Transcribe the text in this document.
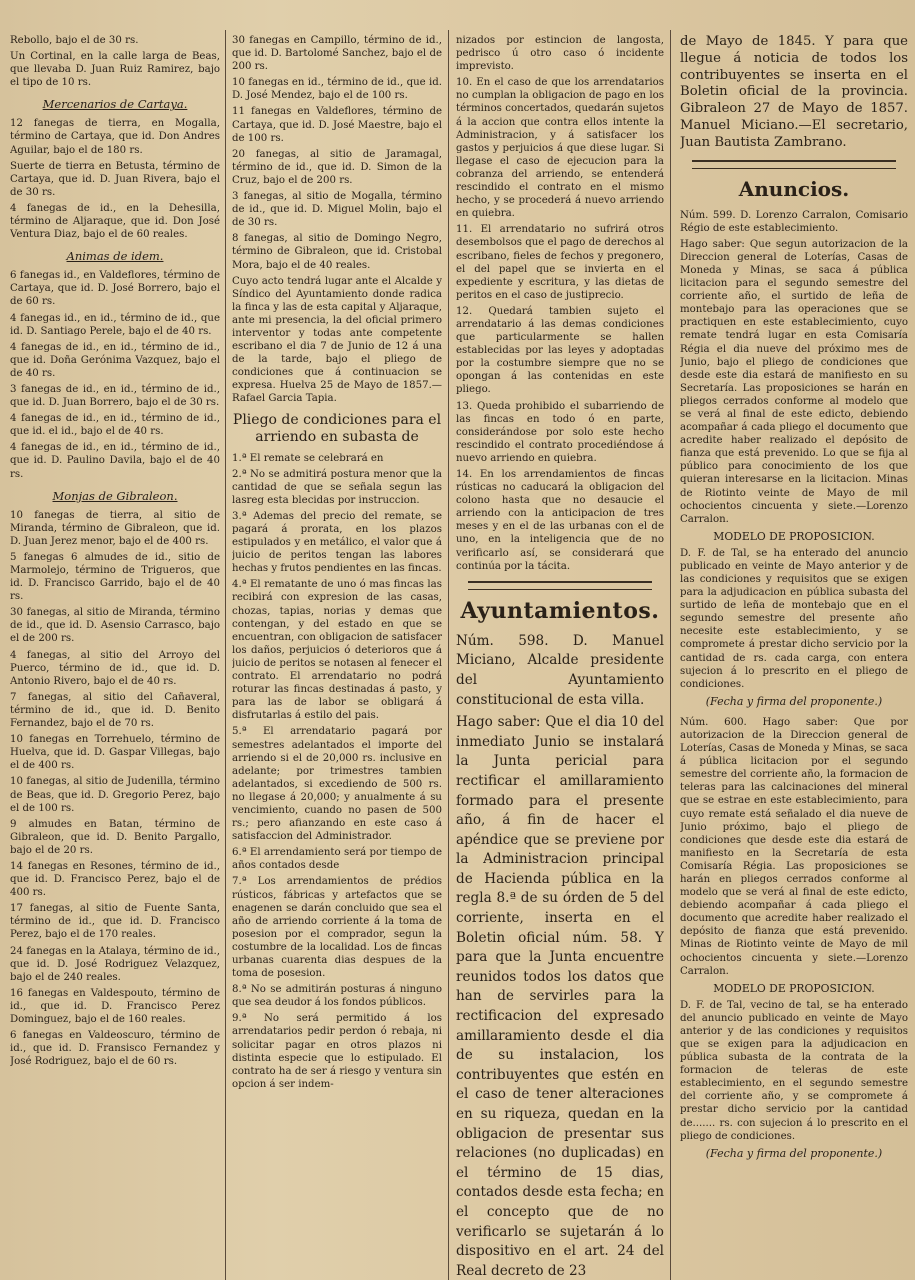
Rebollo, bajo el de 30 rs.

Un Cortinal, en la calle larga de Beas, que llevaba D. Juan Ruiz Ramirez, bajo el tipo de 10 rs.

Mercenarios de Cartaya.

12 fanegas de tierra, en Mogalla, término de Cartaya, que id. Don Andres Aguilar, bajo el de 180 rs.

Suerte de tierra en Betusta, término de Cartaya, que id. D. Juan Rivera, bajo el de 30 rs.

4 fanegas de id., en la Dehesilla, término de Aljaraque, que id. Don José Ventura Diaz, bajo el de 60 reales.

Animas de idem.

6 fanegas id., en Valdeflores, término de Cartaya, que id. D. José Borrero, bajo el de 60 rs.

4 fanegas id., en id., término de id., que id. D. Santiago Perele, bajo el de 40 rs.

4 fanegas de id., en id., término de id., que id. Doña Gerónima Vazquez, bajo el de 40 rs.

3 fanegas de id., en id., término de id., que id. D. Juan Borrero, bajo el de 30 rs.

4 fanegas de id., en id., término de id., que id. el id., bajo el de 40 rs.

4 fanegas de id., en id., término de id., que id. D. Paulino Davila, bajo el de 40 rs.

Monjas de Gibraleon.

10 fanegas de tierra, al sitio de Miranda, término de Gibraleon, que id. D. Juan Jerez menor, bajo el de 400 rs.

5 fanegas 6 almudes de id., sitio de Marmolejo, término de Trigueros, que id. D. Francisco Garrido, bajo el de 40 rs.

30 fanegas, al sitio de Miranda, término de id., que id. D. Asensio Carrasco, bajo el de 200 rs.

4 fanegas, al sitio del Arroyo del Puerco, término de id., que id. D. Antonio Rivero, bajo el de 40 rs.

7 fanegas, al sitio del Cañaveral, término de id., que id. D. Benito Fernandez, bajo el de 70 rs.

10 fanegas en Torrehuelo, término de Huelva, que id. D. Gaspar Villegas, bajo el de 400 rs.

10 fanegas, al sitio de Judenilla, término de Beas, que id. D. Gregorio Perez, bajo el de 100 rs.

9 almudes en Batan, término de Gibraleon, que id. D. Benito Pargallo, bajo el de 20 rs.

14 fanegas en Resones, término de id., que id. D. Francisco Perez, bajo el de 400 rs.

17 fanegas, al sitio de Fuente Santa, término de id., que id. D. Francisco Perez, bajo el de 170 reales.

24 fanegas en la Atalaya, término de id., que id. D. José Rodriguez Velazquez, bajo el de 240 reales.

16 fanegas en Valdespouto, término de id., que id. D. Francisco Perez Dominguez, bajo el de 160 reales.

6 fanegas en Valdeoscuro, término de id., que id. D. Fransisco Fernandez y José Rodriguez, bajo el de 60 rs.

30 fanegas en Campillo, término de id., que id. D. Bartolomé Sanchez, bajo el de 200 rs.

10 fanegas en id., término de id., que id. D. José Mendez, bajo el de 100 rs.

11 fanegas en Valdeflores, término de Cartaya, que id. D. José Maestre, bajo el de 100 rs.

20 fanegas, al sitio de Jaramagal, término de id., que id. D. Simon de la Cruz, bajo el de 200 rs.

3 fanegas, al sitio de Mogalla, término de id., que id. D. Miguel Molin, bajo el de 30 rs.

8 fanegas, al sitio de Domingo Negro, término de Gibraleon, que id. Cristobal Mora, bajo el de 40 reales.

Cuyo acto tendrá lugar ante el Alcalde y Síndico del Ayuntamiento donde radica la finca y las de esta capital y Aljaraque, ante mi presencia, la del oficial primero interventor y todas ante competente escribano el dia 7 de Junio de 12 á una de la tarde, bajo el pliego de condiciones que á continuacion se expresa. Huelva 25 de Mayo de 1857.—Rafael Garcia Tapia.

Pliego de condiciones para el arriendo en subasta de

1.ª El remate se celebrará en

2.ª No se admitirá postura menor que la cantidad de que se señala segun las lasreg esta blecidas por instruccion.

3.ª Ademas del precio del remate, se pagará á prorata, en los plazos estipulados y en metálico, el valor que á juicio de peritos tengan las labores hechas y frutos pendientes en las fincas.

4.ª El rematante de uno ó mas fincas las recibirá con expresion de las casas, chozas, tapias, norias y demas que contengan, y del estado en que se encuentran, con obligacion de satisfacer los daños, perjuicios ó deterioros que á juicio de peritos se notasen al fenecer el contrato. El arrendatario no podrá roturar las fincas destinadas á pasto, y para las de labor se obligará á disfrutarlas á estilo del pais.

5.ª El arrendatario pagará por semestres adelantados el importe del arriendo si el de 20,000 rs. inclusive en adelante; por trimestres tambien adelantados, si excediendo de 500 rs. no llegase á 20,000; y anualmente á su vencimiento, cuando no pasen de 500 rs.; pero afianzando en este caso á satisfaccion del Administrador.

6.ª El arrendamiento será por tiempo de años contados desde

7.ª Los arrendamientos de prédios rústicos, fábricas y artefactos que se enagenen se darán concluido que sea el año de arriendo corriente á la toma de posesion por el comprador, segun la costumbre de la localidad. Los de fincas urbanas cuarenta dias despues de la toma de posesion.

8.ª No se admitirán posturas á ninguno que sea deudor á los fondos públicos.

9.ª No será permitido á los arrendatarios pedir perdon ó rebaja, ni solicitar pagar en otros plazos ni distinta especie que lo estipulado. El contrato ha de ser á riesgo y ventura sin opcion á ser indem-

nizados por estincion de langosta, pedrisco ú otro caso ó incidente imprevisto.

10. En el caso de que los arrendatarios no cumplan la obligacion de pago en los términos concertados, quedarán sujetos á la accion que contra ellos intente la Administracion, y á satisfacer los gastos y perjuicios á que diese lugar. Si llegase el caso de ejecucion para la cobranza del arriendo, se entenderá rescindido el contrato en el mismo hecho, y se procederá á nuevo arriendo en quiebra.

11. El arrendatario no sufrirá otros desembolsos que el pago de derechos al escribano, fieles de fechos y pregonero, el del papel que se invierta en el expediente y escritura, y las dietas de peritos en el caso de justiprecio.

12. Quedará tambien sujeto el arrendatario á las demas condiciones que particularmente se hallen establecidas por las leyes y adoptadas por la costumbre siempre que no se opongan á las contenidas en este pliego.

13. Queda prohibido el subarriendo de las fincas en todo ó en parte, considerándose por solo este hecho rescindido el contrato procediéndose á nuevo arriendo en quiebra.

14. En los arrendamientos de fincas rústicas no caducará la obligacion del colono hasta que no desaucie el arriendo con la anticipacion de tres meses y en el de las urbanas con el de uno, en la inteligencia que de no verificarlo así, se considerará que continúa por la tácita.

Ayuntamientos.

Núm. 598. D. Manuel Miciano, Alcalde presidente del Ayuntamiento constitucional de esta villa.

Hago saber: Que el dia 10 del inmediato Junio se instalará la Junta pericial para rectificar el amillaramiento formado para el presente año, á fin de hacer el apéndice que se previene por la Administracion principal de Hacienda pública en la regla 8.ª de su órden de 5 del corriente, inserta en el Boletin oficial núm. 58. Y para que la Junta encuentre reunidos todos los datos que han de servirles para la rectificacion del expresado amillaramiento desde el dia de su instalacion, los contribuyentes que estén en el caso de tener alteraciones en su riqueza, quedan en la obligacion de presentar sus relaciones (no duplicadas) en el término de 15 dias, contados desde esta fecha; en el concepto que de no verificarlo se sujetarán á lo dispositivo en el art. 24 del Real decreto de 23

de Mayo de 1845. Y para que llegue á noticia de todos los contribuyentes se inserta en el Boletin oficial de la provincia. Gibraleon 27 de Mayo de 1857. Manuel Miciano.—El secretario, Juan Bautista Zambrano.

Anuncios.

Núm. 599. D. Lorenzo Carralon, Comisario Régio de este establecimiento.

Hago saber: Que segun autorizacion de la Direccion general de Loterías, Casas de Moneda y Minas, se saca á pública licitacion para el segundo semestre del corriente año, el surtido de leña de montebajo para las operaciones que se practiquen en este establecimiento, cuyo remate tendrá lugar en esta Comisaría Régia el dia nueve del próximo mes de Junio, bajo el pliego de condiciones que desde este dia estará de manifiesto en su Secretaría. Las proposiciones se harán en pliegos cerrados conforme al modelo que se verá al final de este edicto, debiendo acompañar á cada pliego el documento que acredite haber realizado el depósito de fianza que está prevenido. Lo que se fija al público para conocimiento de los que quieran interesarse en la licitacion. Minas de Riotinto veinte de Mayo de mil ochocientos cincuenta y siete.—Lorenzo Carralon.

MODELO DE PROPOSICION.

D. F. de Tal, se ha enterado del anuncio publicado en veinte de Mayo anterior y de las condiciones y requisitos que se exigen para la adjudicacion en pública subasta del surtido de leña de montebajo que en el segundo semestre del presente año necesite este establecimiento, y se compromete á prestar dicho servicio por la cantidad de rs. cada carga, con entera sujecion á lo prescrito en el pliego de condiciones.

(Fecha y firma del proponente.)

Núm. 600. Hago saber: Que por autorizacion de la Direccion general de Loterías, Casas de Moneda y Minas, se saca á pública licitacion por el segundo semestre del corriente año, la formacion de teleras para las calcinaciones del mineral que se estrae en este establecimiento, para cuyo remate está señalado el dia nueve de Junio próximo, bajo el pliego de condiciones que desde este dia estará de manifiesto en la Secretaría de esta Comisaría Régia. Las proposiciones se harán en pliegos cerrados conforme al modelo que se verá al final de este edicto, debiendo acompañar á cada pliego el documento que acredite haber realizado el depósito de fianza que está prevenido. Minas de Riotinto veinte de Mayo de mil ochocientos cincuenta y siete.—Lorenzo Carralon.

MODELO DE PROPOSICION.

D. F. de Tal, vecino de tal, se ha enterado del anuncio publicado en veinte de Mayo anterior y de las condiciones y requisitos que se exigen para la adjudicacion en pública subasta de la contrata de la formacion de teleras de este establecimiento, en el segundo semestre del corriente año, y se compromete á prestar dicho servicio por la cantidad de....... rs. con sujecion á lo prescrito en el pliego de condiciones.

(Fecha y firma del proponente.)
